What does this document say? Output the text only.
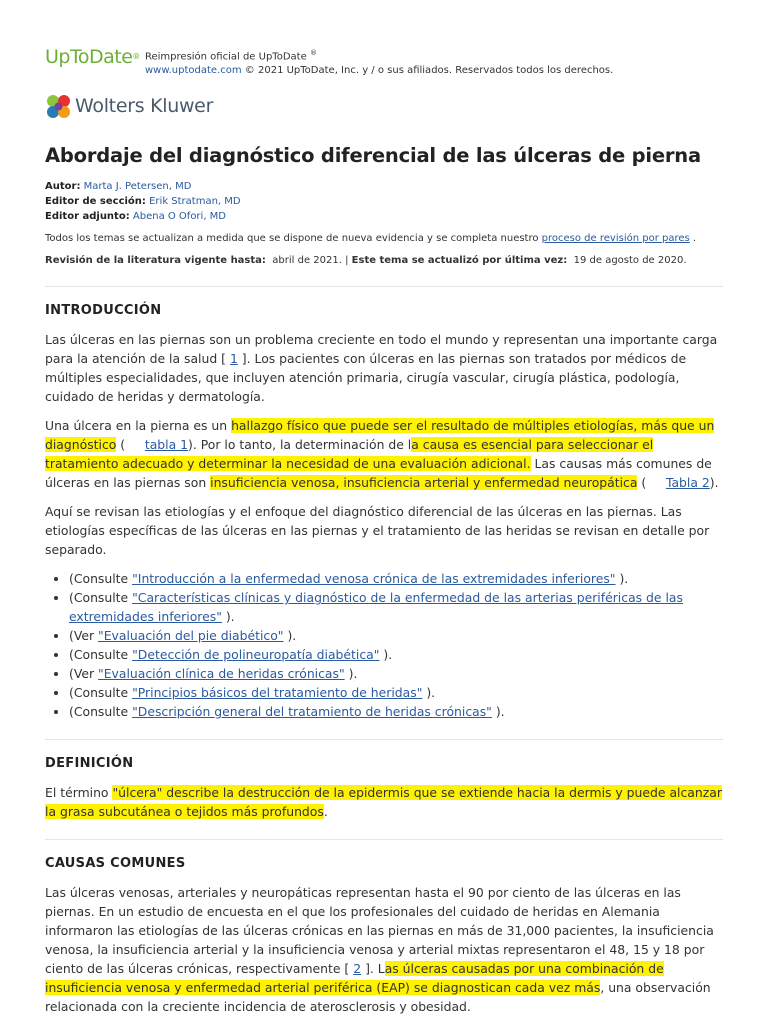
UpToDate® Reimpresión oficial de UpToDate ®
www.uptodate.com © 2021 UpToDate, Inc. y / o sus afiliados. Reservados todos los derechos.
Wolters Kluwer
Abordaje del diagnóstico diferencial de las úlceras de pierna
Autor: Marta J. Petersen, MD
Editor de sección: Erik Stratman, MD
Editor adjunto: Abena O Ofori, MD
Todos los temas se actualizan a medida que se dispone de nueva evidencia y se completa nuestro proceso de revisión por pares .
Revisión de la literatura vigente hasta: abril de 2021. | Este tema se actualizó por última vez: 19 de agosto de 2020.
INTRODUCCIÓN

Las úlceras en las piernas son un problema creciente en todo el mundo y representan una importante carga para la atención de la salud [ 1 ]. Los pacientes con úlceras en las piernas son tratados por médicos de múltiples especialidades, que incluyen atención primaria, cirugía vascular, cirugía plástica, podología, cuidado de heridas y dermatología.

Una úlcera en la pierna es un hallazgo físico que puede ser el resultado de múltiples etiologías, más que un diagnóstico ( tabla 1). Por lo tanto, la determinación de la causa es esencial para seleccionar el tratamiento adecuado y determinar la necesidad de una evaluación adicional. Las causas más comunes de úlceras en las piernas son insuficiencia venosa, insuficiencia arterial y enfermedad neuropática ( Tabla 2).

Aquí se revisan las etiologías y el enfoque del diagnóstico diferencial de las úlceras en las piernas. Las etiologías específicas de las úlceras en las piernas y el tratamiento de las heridas se revisan en detalle por separado.

• (Consulte "Introducción a la enfermedad venosa crónica de las extremidades inferiores" ).
• (Consulte "Características clínicas y diagnóstico de la enfermedad de las arterias periféricas de las extremidades inferiores" ).
• (Ver "Evaluación del pie diabético" ).
• (Consulte "Detección de polineuropatía diabética" ).
• (Ver "Evaluación clínica de heridas crónicas" ).
• (Consulte "Principios básicos del tratamiento de heridas" ).
• (Consulte "Descripción general del tratamiento de heridas crónicas" ).
DEFINICIÓN

El término "úlcera" describe la destrucción de la epidermis que se extiende hacia la dermis y puede alcanzar la grasa subcutánea o tejidos más profundos.

CAUSAS COMUNES

Las úlceras venosas, arteriales y neuropáticas representan hasta el 90 por ciento de las úlceras en las piernas. En un estudio de encuesta en el que los profesionales del cuidado de heridas en Alemania informaron las etiologías de las úlceras crónicas en las piernas en más de 31,000 pacientes, la insuficiencia venosa, la insuficiencia arterial y la insuficiencia venosa y arterial mixtas representaron el 48, 15 y 18 por ciento de las úlceras crónicas, respectivamente [ 2 ]. Las úlceras causadas por una combinación de insuficiencia venosa y enfermedad arterial periférica (EAP) se diagnostican cada vez más, una observación relacionada con la creciente incidencia de aterosclerosis y obesidad.
